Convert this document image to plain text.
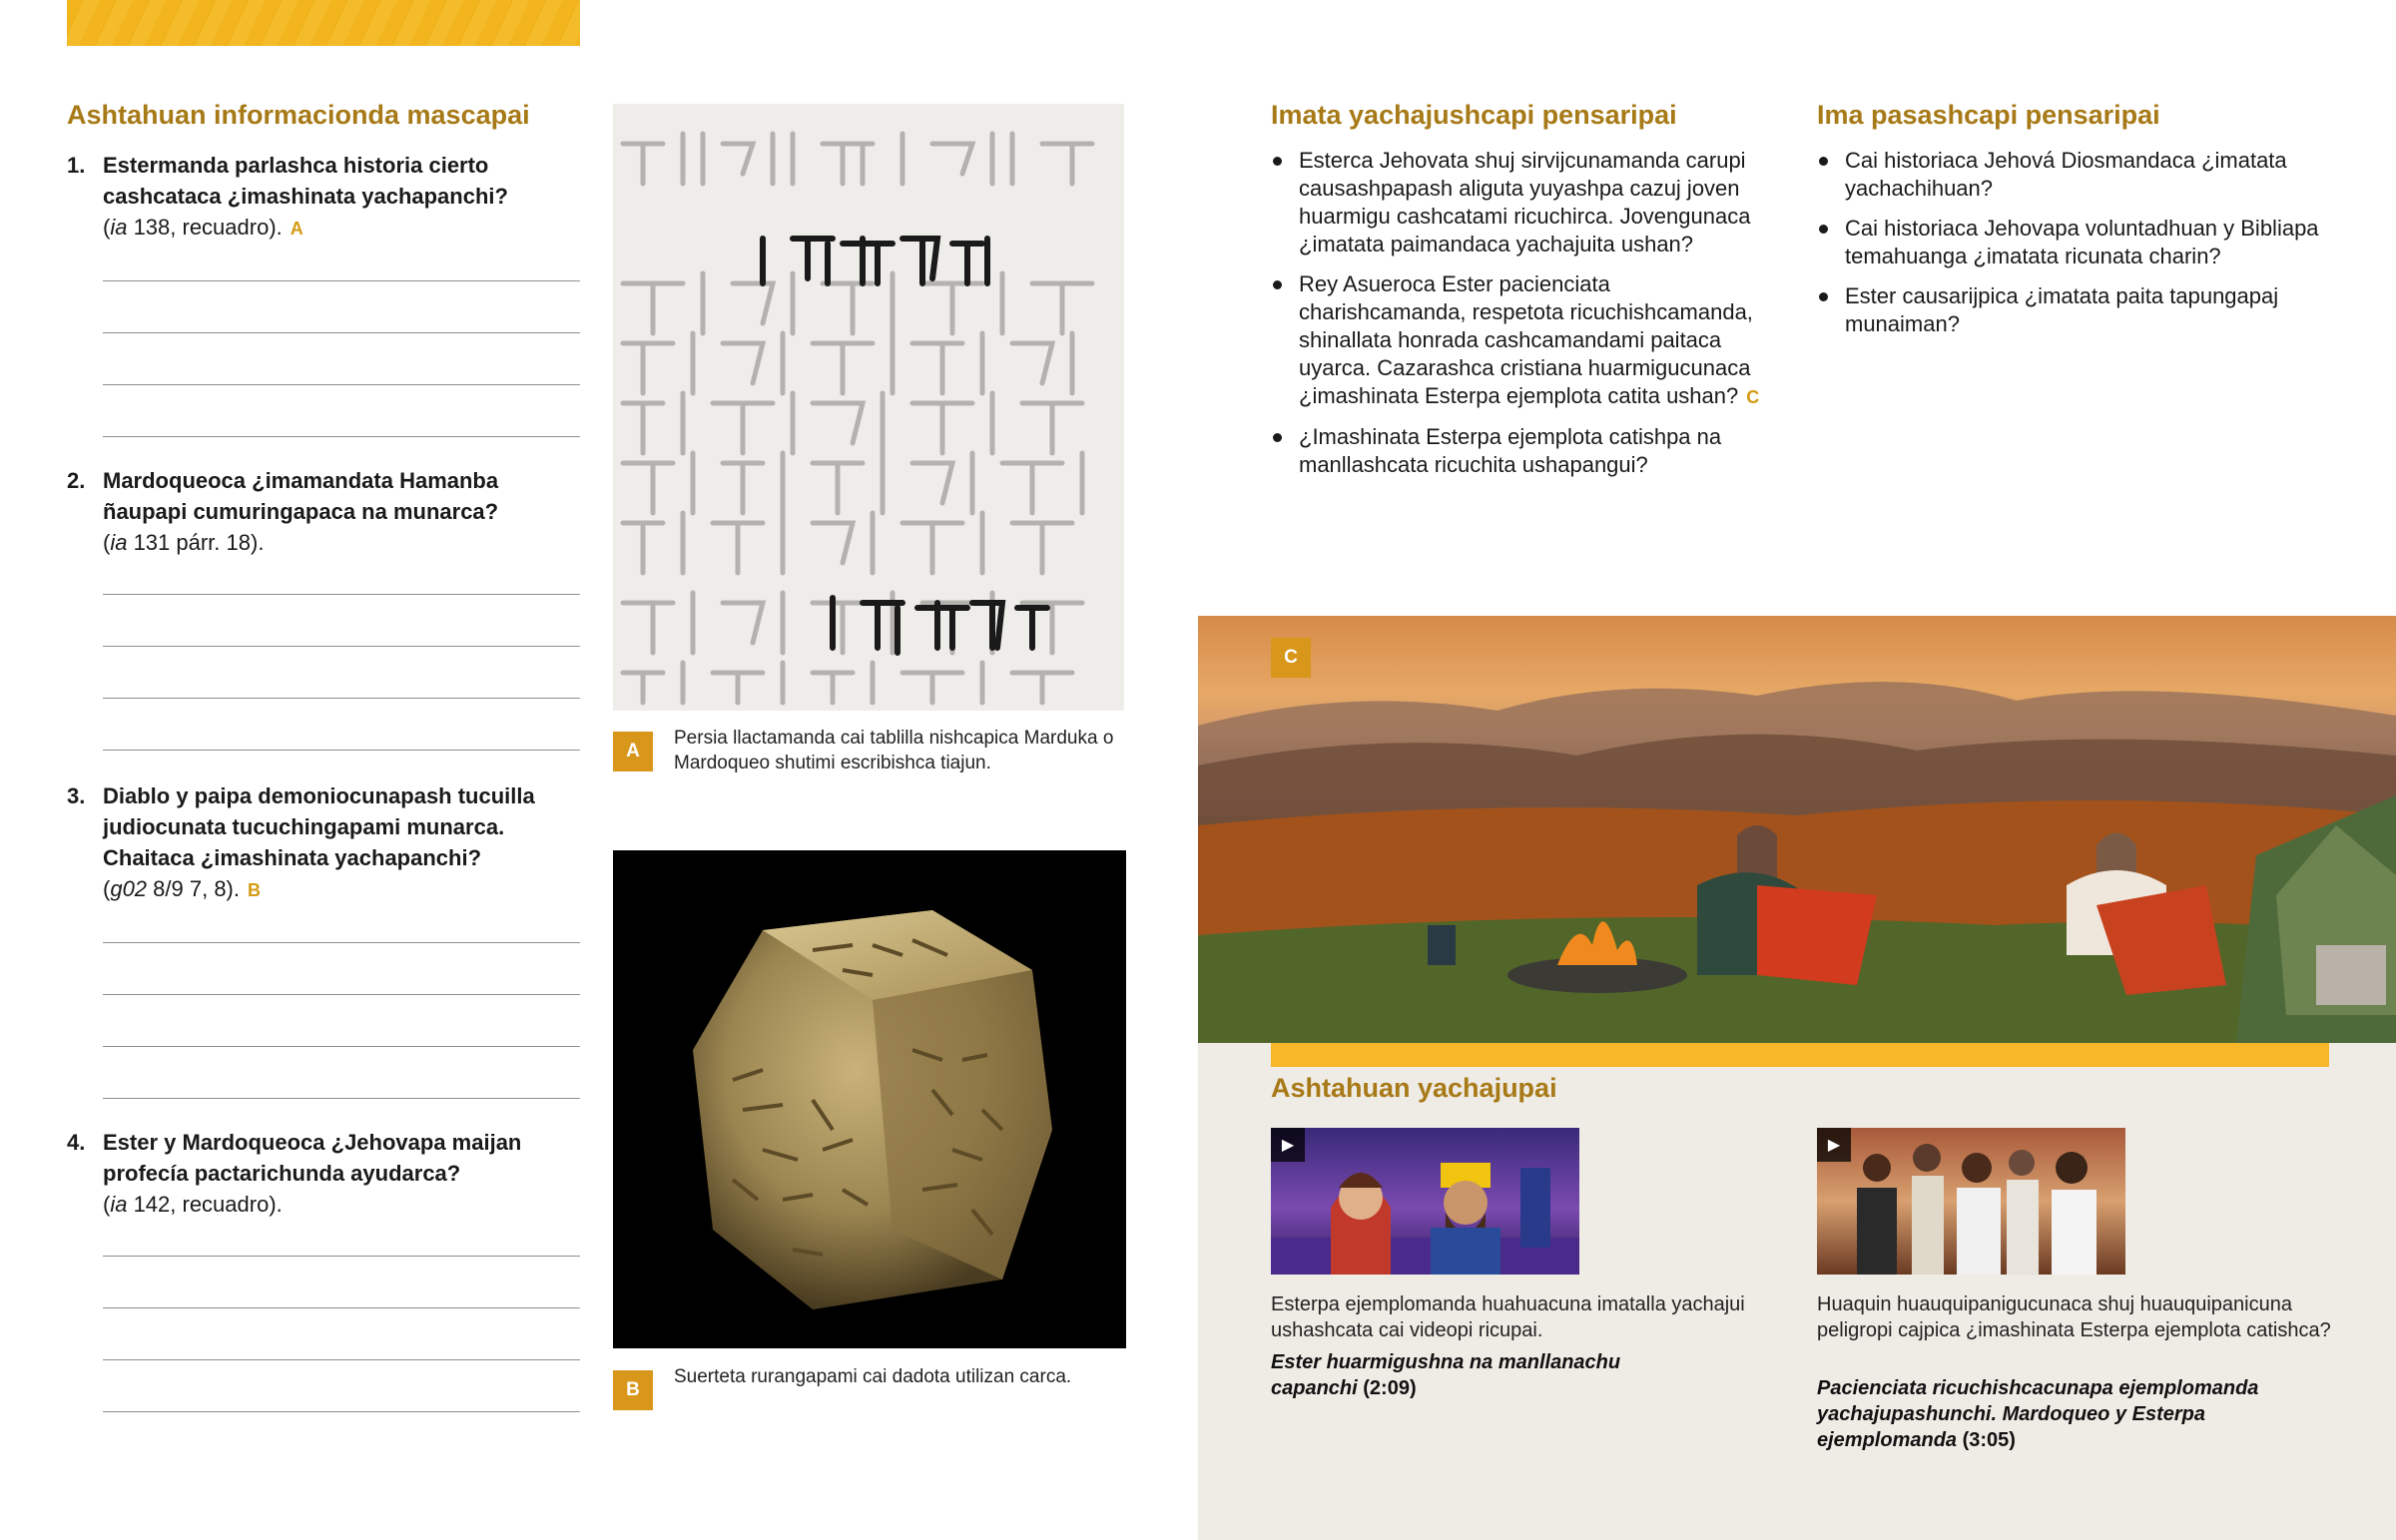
Ashtahuan informacionda mascapai
1. Estermanda parlashca historia cierto cashcataca ¿imashinata yachapanchi?
(ia 138, recuadro). A
2. Mardoqueoca ¿imamandata Hamanba ñaupapi cumuringapaca na munarca?
(ia 131 párr. 18).
3. Diablo y paipa demoniocunapash tucuilla judiocunata tucuchingapami munarca. Chaitaca ¿imashinata yachapanchi?
(g02 8/9 7, 8). B
4. Ester y Mardoqueoca ¿Jehovapa maijan profecía pactarichunda ayudarca?
(ia 142, recuadro).
A
Persia llactamanda cai tablilla nishcapica Marduka o Mardoqueo shutimi escribishca tiajun.
B
Suerteta rurangapami cai dadota utilizan carca.
Imata yachajushcapi pensaripai
Esterca Jehovata shuj sirvijcunamanda carupi causashpapash aliguta yuyashpa cazuj joven huarmigu cashcatami ricuchirca. Jovengunaca ¿imatata paimandaca yachajuita ushan?
Rey Asueroca Ester pacienciata charishcamanda, respetota ricuchishcamanda, shinallata honrada cashcamandami paitaca uyarca. Cazarashca cristiana huarmigucunaca ¿imashinata Esterpa ejemplota catita ushan? C
¿Imashinata Esterpa ejemplota catishpa na manllashcata ricuchita ushapangui?
Ima pasashcapi pensaripai
Cai historiaca Jehová Diosmandaca ¿imatata yachachihuan?
Cai historiaca Jehovapa voluntadhuan y Bibliapa temahuanga ¿imatata ricunata charin?
Ester causarijpica ¿imatata paita tapungapaj munaiman?
C
Ashtahuan yachajupai
▶
Esterpa ejemplomanda huahuacuna imatalla yachajui ushashcata cai videopi ricupai.
Ester huarmigushna na manllanachu capanchi (2:09)
▶
Huaquin huauquipanigucunaca shuj huauquipanicuna peligropi cajpica ¿imashinata Esterpa ejemplota catishca?
Pacienciata ricuchishcacunapa ejemplomanda yachajupashunchi. Mardoqueo y Esterpa ejemplomanda (3:05)
